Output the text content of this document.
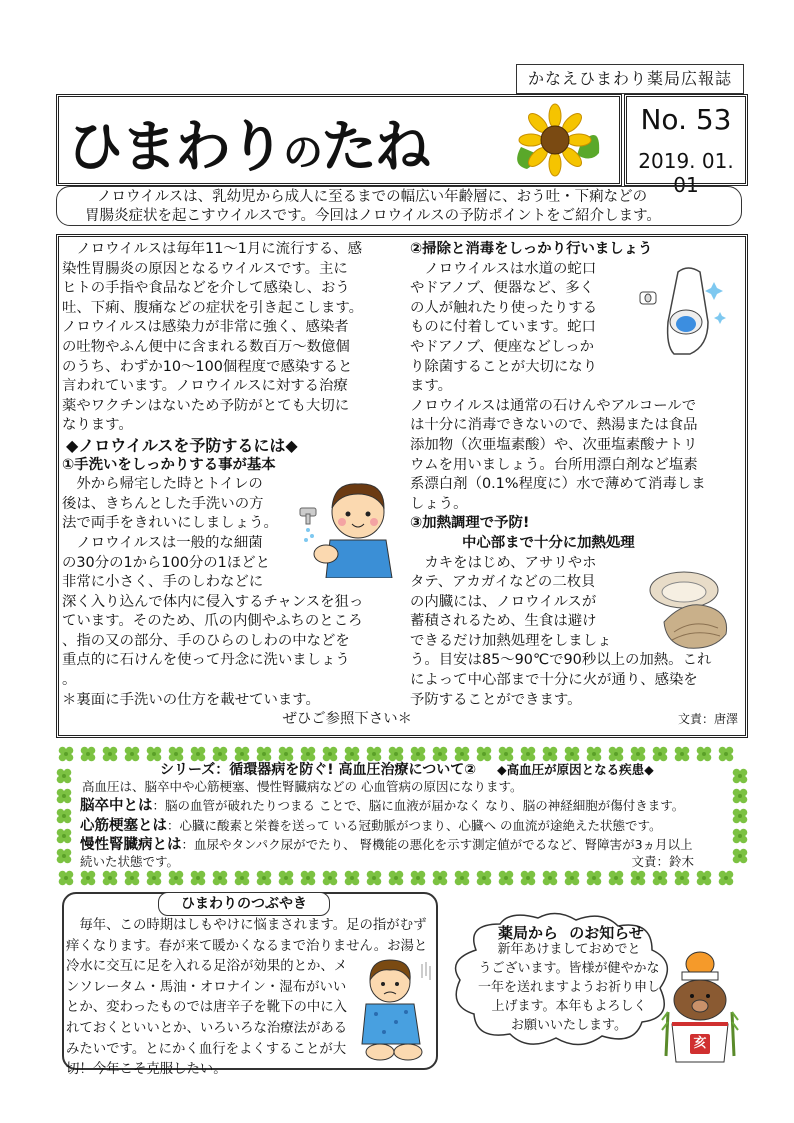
かなえひまわり薬局広報誌
ひまわりのたね	No. 53
2019. 01. 01

ノロウイルスは、乳幼児から成人に至るまでの幅広い年齢層に、おう吐・下痢などの

胃腸炎症状を起こすウイルスです。今回はノロウイルスの予防ポイントをご紹介します。

　ノロウイルスは毎年11～1月に流行する、感

染性胃腸炎の原因となるウイルスです。主に

ヒトの手指や食品などを介して感染し、おう

吐、下痢、腹痛などの症状を引き起こします。

ノロウイルスは感染力が非常に強く、感染者

の吐物やふん便中に含まれる数百万～数億個

のうち、わずか10～100個程度で感染すると

言われています。ノロウイルスに対する治療

薬やワクチンはないため予防がとても大切に

なります。

◆ノロウイルスを予防するには◆

①手洗いをしっかりする事が基本

　外から帰宅した時とトイレの

後は、きちんとした手洗いの方

法で両手をきれいにしましょう。

　ノロウイルスは一般的な細菌

の30分の1から100分の1ほどと

非常に小さく、手のしわなどに

深く入り込んで体内に侵入するチャンスを狙っ

ています。そのため、爪の内側やふちのところ

、指の又の部分、手のひらのしわの中などを

重点的に石けんを使って丹念に洗いましょう

。

＊裏面に手洗いの仕方を載せています。

ぜひご参照下さい＊

②掃除と消毒をしっかり行いましょう

　ノロウイルスは水道の蛇口

やドアノブ、便器など、多く

の人が触れたり使ったりする

ものに付着しています。蛇口

やドアノブ、便座などしっか

り除菌することが大切になり

ます。

ノロウイルスは通常の石けんやアルコールで

は十分に消毒できないので、熱湯または食品

添加物（次亜塩素酸）や、次亜塩素酸ナトリ

ウムを用いましょう。台所用漂白剤など塩素

系漂白剤（0.1%程度に）水で薄めて消毒しま

しょう。

③加熱調理で予防!

中心部まで十分に加熱処理

　カキをはじめ、アサリやホ

タテ、アカガイなどの二枚貝

の内臓には、ノロウイルスが

蓄積されるため、生食は避け

できるだけ加熱処理をしましょ

う。目安は85～90℃で90秒以上の加熱。これ

によって中心部まで十分に火が通り、感染を

予防することができます。

文責：唐澤

シリーズ：循環器病を防ぐ! 高血圧治療について② ◆高血圧が原因となる疾患◆
高血圧は、脳卒中や心筋梗塞、慢性腎臓病などの 心血管病の原因になります。
脳卒中とは：脳の血管が破れたりつまる ことで、脳に血液が届かなく なり、脳の神経細胞が傷付きます。
心筋梗塞とは：心臓に酸素と栄養を送って いる冠動脈がつまり、心臓へ の血流が途絶えた状態です。
慢性腎臓病とは：血尿やタンパク尿がでたり、 腎機能の悪化を示す測定値がでるなど、腎障害が3ヵ月以上
続いた状態です。	文責：鈴木
ひまわりのつぶやき
　毎年、この時期はしもやけに悩まされます。足の指がむず
痒くなります。春が来て暖かくなるまで治りません。お湯と
冷水に交互に足を入れる足浴が効果的とか、メ
ンソレータム・馬油・オロナイン・湿布がいい
とか、変わったものでは唐辛子を靴下の中に入
れておくといいとか、いろいろな治療法がある
みたいです。とにかく血行をよくすることが大
切！今年こそ克服したい。
薬局から のお知らせ
新年あけましておめでと
うございます。皆様が健やかな
一年を送れますようお祈り申し
上げます。本年もよろしく
お願いいたします。
亥
